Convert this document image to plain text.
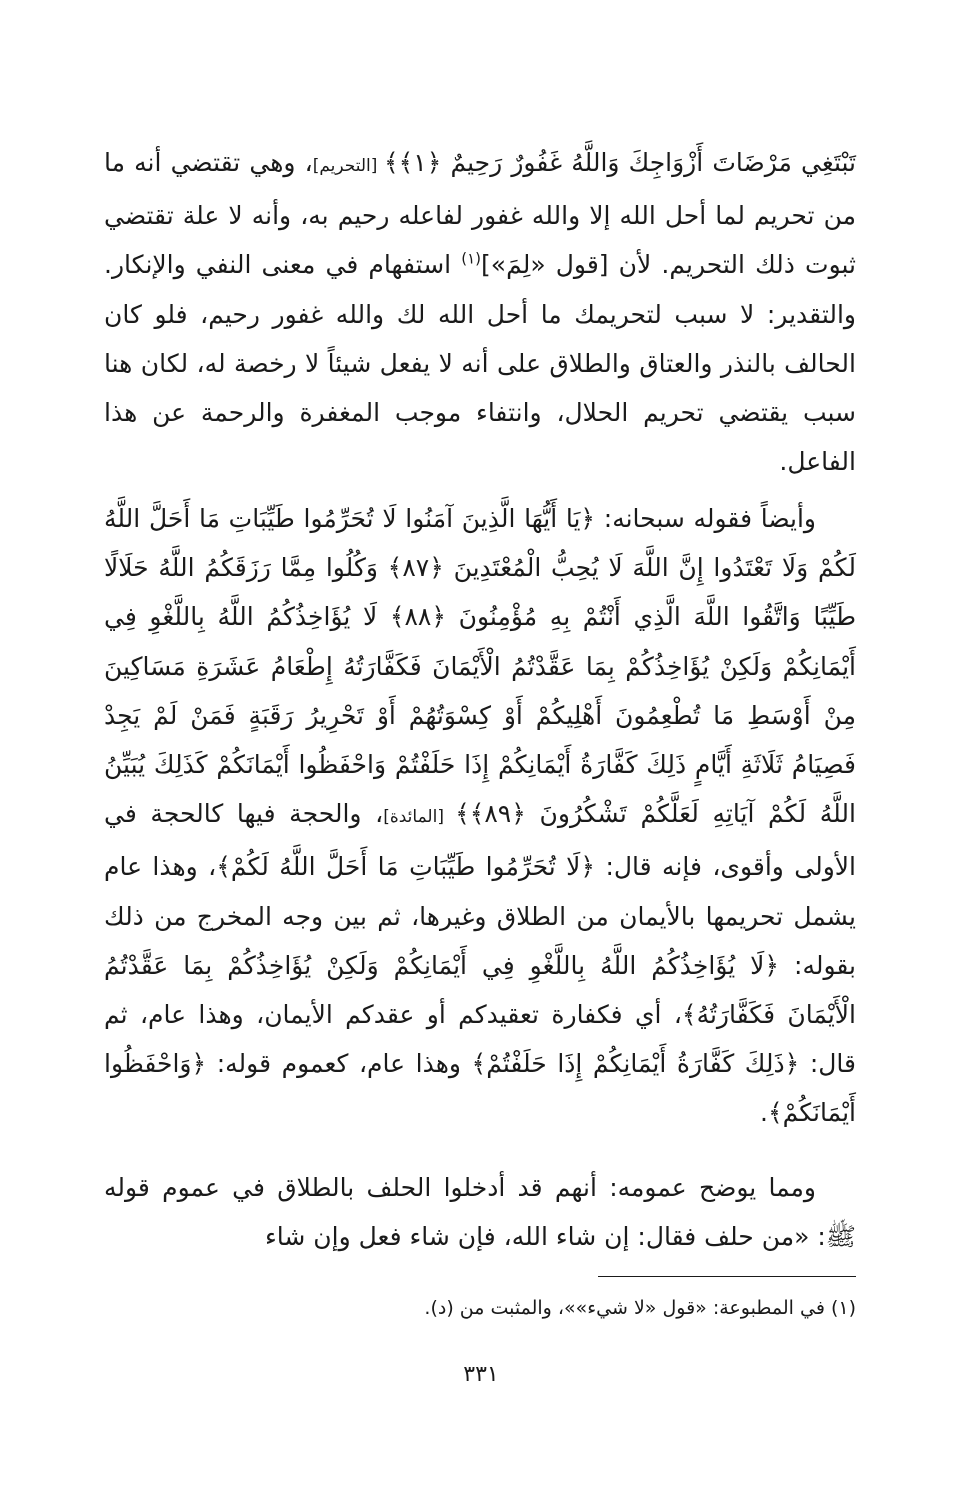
تَبْتَغِي مَرْضَاتَ أَزْوَاجِكَ وَاللَّهُ غَفُورٌ رَحِيمٌ ﴿١﴾﴾ [التحريم]، وهي تقتضي أنه ما من تحريم لما أحل الله إلا والله غفور لفاعله رحيم به، وأنه لا علة تقتضي ثبوت ذلك التحريم. لأن [قول «لِمَ»]$^{(١)}$ استفهام في معنى النفي والإنكار. والتقدير: لا سبب لتحريمك ما أحل الله لك والله غفور رحيم، فلو كان الحالف بالنذر والعتاق والطلاق على أنه لا يفعل شيئاً لا رخصة له، لكان هنا سبب يقتضي تحريم الحلال، وانتفاء موجب المغفرة والرحمة عن هذا الفاعل.

وأيضاً فقوله سبحانه: ﴿يَا أَيُّهَا الَّذِينَ آمَنُوا لَا تُحَرِّمُوا طَيِّبَاتِ مَا أَحَلَّ اللَّهُ لَكُمْ وَلَا تَعْتَدُوا إِنَّ اللَّهَ لَا يُحِبُّ الْمُعْتَدِينَ ﴿٨٧﴾ وَكُلُوا مِمَّا رَزَقَكُمُ اللَّهُ حَلَالًا طَيِّبًا وَاتَّقُوا اللَّهَ الَّذِي أَنْتُمْ بِهِ مُؤْمِنُونَ ﴿٨٨﴾ لَا يُؤَاخِذُكُمُ اللَّهُ بِاللَّغْوِ فِي أَيْمَانِكُمْ وَلَكِنْ يُؤَاخِذُكُمْ بِمَا عَقَّدْتُمُ الْأَيْمَانَ فَكَفَّارَتُهُ إِطْعَامُ عَشَرَةِ مَسَاكِينَ مِنْ أَوْسَطِ مَا تُطْعِمُونَ أَهْلِيكُمْ أَوْ كِسْوَتُهُمْ أَوْ تَحْرِيرُ رَقَبَةٍ فَمَنْ لَمْ يَجِدْ فَصِيَامُ ثَلَاثَةِ أَيَّامٍ ذَلِكَ كَفَّارَةُ أَيْمَانِكُمْ إِذَا حَلَفْتُمْ وَاحْفَظُوا أَيْمَانَكُمْ كَذَلِكَ يُبَيِّنُ اللَّهُ لَكُمْ آيَاتِهِ لَعَلَّكُمْ تَشْكُرُونَ ﴿٨٩﴾﴾ [المائدة]، والحجة فيها كالحجة في الأولى وأقوى، فإنه قال: ﴿لَا تُحَرِّمُوا طَيِّبَاتِ مَا أَحَلَّ اللَّهُ لَكُمْ﴾، وهذا عام يشمل تحريمها بالأيمان من الطلاق وغيرها، ثم بين وجه المخرج من ذلك بقوله: ﴿لَا يُؤَاخِذُكُمُ اللَّهُ بِاللَّغْوِ فِي أَيْمَانِكُمْ وَلَكِنْ يُؤَاخِذُكُمْ بِمَا عَقَّدْتُمُ الْأَيْمَانَ فَكَفَّارَتُهُ﴾، أي فكفارة تعقيدكم أو عقدكم الأيمان، وهذا عام، ثم قال: ﴿ذَلِكَ كَفَّارَةُ أَيْمَانِكُمْ إِذَا حَلَفْتُمْ﴾ وهذا عام، كعموم قوله: ﴿وَاحْفَظُوا أَيْمَانَكُمْ﴾.

ومما يوضح عمومه: أنهم قد أدخلوا الحلف بالطلاق في عموم قوله ﷺ: «من حلف فقال: إن شاء الله، فإن شاء فعل وإن شاء

(١) في المطبوعة: «قول «لا شيء»»، والمثبت من (د).
٣٣١
